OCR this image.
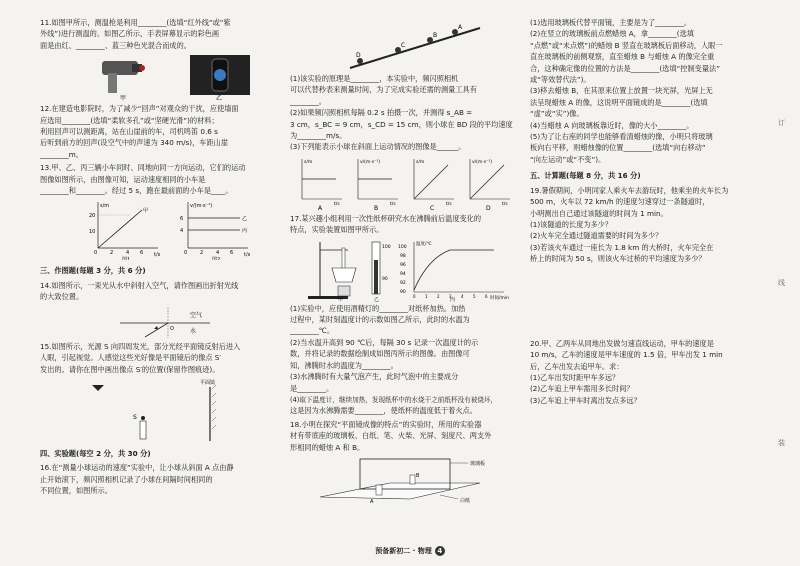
11.如图甲所示，测温枪是利用________(选填“红外线”或“紫

外线”)进行测温的。如图乙所示，手表屏幕显示的彩色画

面是由红、________、蓝三种色光混合而成的。

甲	乙

12.在建造电影院时，为了减少“回声”对观众的干扰，应使墙面

应选用________(选填“柔软多孔”或“坚硬光滑”)的材料；

利用回声可以测距离，站在山崖前的车，司机鸣笛 0.6 s

后听到前方的回声(设空气中的声速为 340 m/s)，车距山崖

________m。

13.甲、乙、丙三辆小车同时、同地向同一方向运动，它们的运动

图像如图所示，由图像可知，运动速度相同的小车是

________和________。经过 5 s，跑在最前面的小车是____。

s/m
t/s
甲
20
10
0	2	4 6
图1
v/(m·s⁻¹)
t/s
乙
丙
6
4
0	2	4 6
图2

三、作图题(每题 3 分，共 6 分)

14.如图所示，一束光从水中斜射入空气，请作图画出折射光线

的大致位置。

空气
水
O

15.如图所示，光源 S 向四周发光，部分光经平面镜反射后进入

人眼，引起视觉。人感觉这些光好像是平面镜后的像点 S′

发出的。请你在图中画出像点 S′的位置(保留作图痕迹)。

平面镜
S

四、实验题(每空 2 分，共 30 分)

16.在“测量小球运动的速度”实验中，让小球从斜面 A 点由静

止开始滚下，频闪照相机记录了小球在间隔时间相同的

不同位置，如图所示。

A
B
C
D

(1)该实验的原理是________，本实验中，频闪照相机

可以代替秒表来测量时间，为了完成实验还需的测量工具有

________。

(2)如果频闪照相机每隔 0.2 s 拍摄一次，并测得 s_AB =

3 cm，s_BC = 9 cm，s_CD = 15 cm，则小球在 BD 段的平均速度

为________m/s。

(3)下列能表示小球在斜面上运动情况的图像是______。

s/m
t/s
A
v/(m·s⁻¹)
t/s
B
s/m
t/s
C
v/(m·s⁻¹)
t/s
D

17.某兴趣小组利用一次性纸杯研究水在沸腾前后温度变化的

特点，实验装置如图甲所示。

甲
100
90
乙
温度/℃
时间/min
100
98
96
94
92
90
0 1 2 3 4 5 6
丙

(1)实验中，应使用酒精灯的________对纸杯加热。加热

过程中，某时刻温度计的示数如图乙所示，此时的水温为

________℃。

(2)当水温升高到 90 ℃后，每隔 30 s 记录一次温度计的示

数，并将记录的数据绘制成如图丙所示的图像。由图像可

知，沸腾时水的温度为________。

(3)水沸腾时有大量气泡产生，此时气泡中的主要成分

是________。

(4)取下温度计，继续加热，发现纸杯中的水烧干之前纸杯没有被烧坏，

这是因为水沸腾需要________，使纸杯的温度低于着火点。

18.小明在探究“平面镜成像的特点”的实验时，所用的实验器

材有带底座的玻璃板、白纸、笔、火柴、光屏、刻度尺、两支外

形相同的蜡烛 A 和 B。

A
B
玻璃板
白纸

(1)选用玻璃板代替平面镜，主要是为了________。

(2)在竖立的玻璃板前点燃蜡烛 A，拿________(选填

“点燃”或“未点燃”)的蜡烛 B 竖直在玻璃板后面移动，人眼一

直在玻璃板的前侧观察，直至蜡烛 B 与蜡烛 A 的像完全重

合，这种确定像的位置的方法是________(选填“控制变量法”

或“等效替代法”)。

(3)移去蜡烛 B，在其原来位置上放置一块光屏，光屏上无

法呈现蜡烛 A 的像，这说明平面镜成的是________(选填

“虚”或“实”)像。

(4)当蜡烛 A 向玻璃板靠近时，像的大小________。

(5)为了让右座的同学也能够看清蜡烛的像，小明只将玻璃

板向右平移，则蜡烛像的位置________(选填“向右移动”

“向左运动”或“不变”)。

五、计算题(每题 8 分，共 16 分)

19.暑假期间，小明同家人乘火车去游玩时，他乘坐的火车长为

500 m，火车以 72 km/h 的速度匀速穿过一条隧道时，

小明测出自己通过该隧道的时间为 1 min。

(1)该隧道的长度为多少？

(2)火车完全通过隧道需要的时间为多少？

(3)若该火车通过一座长为 1.8 km 的大桥时，火车完全在

桥上的时间为 50 s，则该火车过桥的平均速度为多少？

20.甲、乙两车从同地出发做匀速直线运动，甲车的速度是

10 m/s，乙车的速度是甲车速度的 1.5 倍，甲车出发 1 min

后，乙车出发去追甲车。求：

(1)乙车出发时距甲车多远？

(2)乙车追上甲车需用多长时间？

(3)乙车追上甲车时离出发点多远？

订
线
装
预备新初二 · 物理 4
